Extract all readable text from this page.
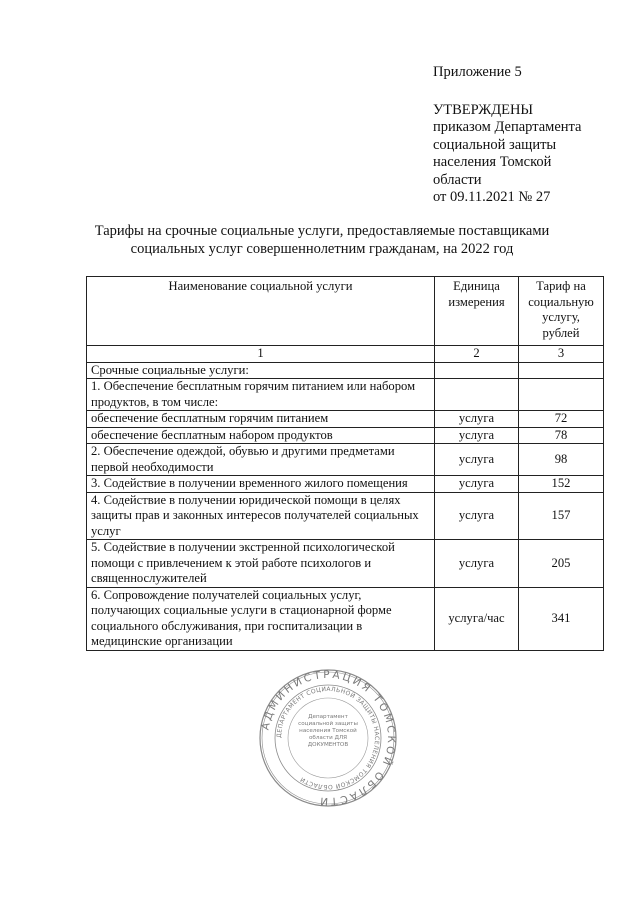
Приложение 5
УТВЕРЖДЕНЫ
приказом Департамента
социальной защиты
населения Томской
области
от 09.11.2021 № 27
Тарифы на срочные социальные услуги, предоставляемые поставщиками
социальных услуг совершеннолетним гражданам, на 2022 год
Наименование социальной услуги	Единица измерения	Тариф на социальную услугу, рублей
1	2	3
Срочные социальные услуги:		
1. Обеспечение бесплатным горячим питанием или набором продуктов, в том числе:		
обеспечение бесплатным горячим питанием	услуга	72
обеспечение бесплатным набором продуктов	услуга	78
2. Обеспечение одеждой, обувью и другими предметами первой необходимости	услуга	98
3. Содействие в получении временного жилого помещения	услуга	152
4. Содействие в получении юридической помощи в целях защиты прав и законных интересов получателей социальных услуг	услуга	157
5. Содействие в получении экстренной психологической помощи с привлечением к этой работе психологов и священнослужителей	услуга	205
6. Сопровождение получателей социальных услуг, получающих социальные услуги в стационарной форме социального обслуживания, при госпитализации в медицинские организации	услуга/час	341
АДМИНИСТРАЦИЯ ТОМСКОЙ ОБЛАСТИ
ДЕПАРТАМЕНТ СОЦИАЛЬНОЙ ЗАЩИТЫ НАСЕЛЕНИЯ ТОМСКОЙ ОБЛАСТИ
Департамент социальной защиты населения Томской области ДЛЯ ДОКУМЕНТОВ
